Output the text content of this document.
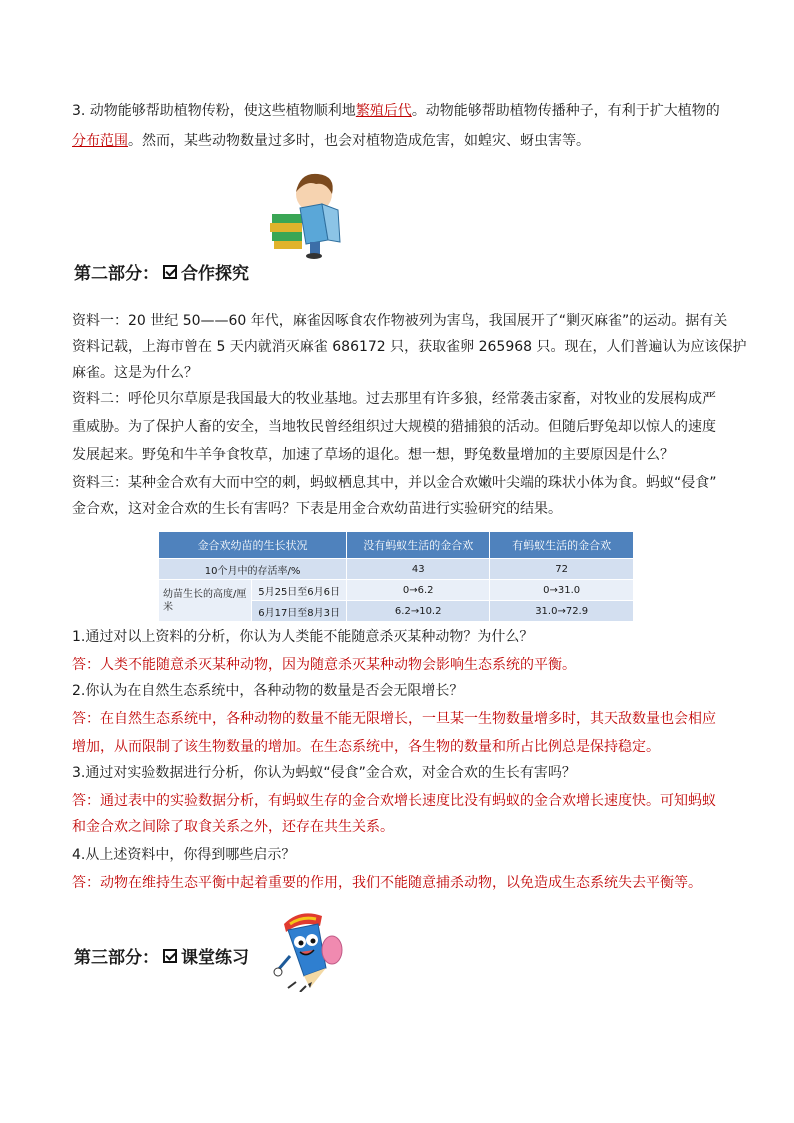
3. 动物能够帮助植物传粉，使这些植物顺利地繁殖后代。动物能够帮助植物传播种子，有利于扩大植物的
分布范围。然而，某些动物数量过多时，也会对植物造成危害，如蝗灾、蚜虫害等。
第二部分： 合作探究
资料一：20 世纪 50——60 年代，麻雀因啄食农作物被列为害鸟，我国展开了“剿灭麻雀”的运动。据有关
资料记载，上海市曾在 5 天内就消灭麻雀 686172 只，获取雀卵 265968 只。现在，人们普遍认为应该保护
麻雀。这是为什么？
资料二：呼伦贝尔草原是我国最大的牧业基地。过去那里有许多狼，经常袭击家畜，对牧业的发展构成严
重威胁。为了保护人畜的安全，当地牧民曾经组织过大规模的猎捕狼的活动。但随后野兔却以惊人的速度
发展起来。野兔和牛羊争食牧草，加速了草场的退化。想一想，野兔数量增加的主要原因是什么？
资料三：某种金合欢有大而中空的刺，蚂蚁栖息其中，并以金合欢嫩叶尖端的珠状小体为食。蚂蚁“侵食”
金合欢，这对金合欢的生长有害吗？下表是用金合欢幼苗进行实验研究的结果。
金合欢幼苗的生长状况		没有蚂蚁生活的金合欢	有蚂蚁生活的金合欢
10个月中的存活率/%		43	72
幼苗生长的高度/厘米	5月25日至6月6日	0→6.2	0→31.0
	6月17日至8月3日	6.2→10.2	31.0→72.9
1.通过对以上资料的分析，你认为人类能不能随意杀灭某种动物？为什么？
答：人类不能随意杀灭某种动物，因为随意杀灭某种动物会影响生态系统的平衡。
2.你认为在自然生态系统中，各种动物的数量是否会无限增长？
答：在自然生态系统中，各种动物的数量不能无限增长，一旦某一生物数量增多时，其天敌数量也会相应
增加，从而限制了该生物数量的增加。在生态系统中，各生物的数量和所占比例总是保持稳定。
3.通过对实验数据进行分析，你认为蚂蚁“侵食”金合欢，对金合欢的生长有害吗？
答：通过表中的实验数据分析，有蚂蚁生存的金合欢增长速度比没有蚂蚁的金合欢增长速度快。可知蚂蚁
和金合欢之间除了取食关系之外，还存在共生关系。
4.从上述资料中，你得到哪些启示？
答：动物在维持生态平衡中起着重要的作用，我们不能随意捕杀动物，以免造成生态系统失去平衡等。
第三部分： 课堂练习
